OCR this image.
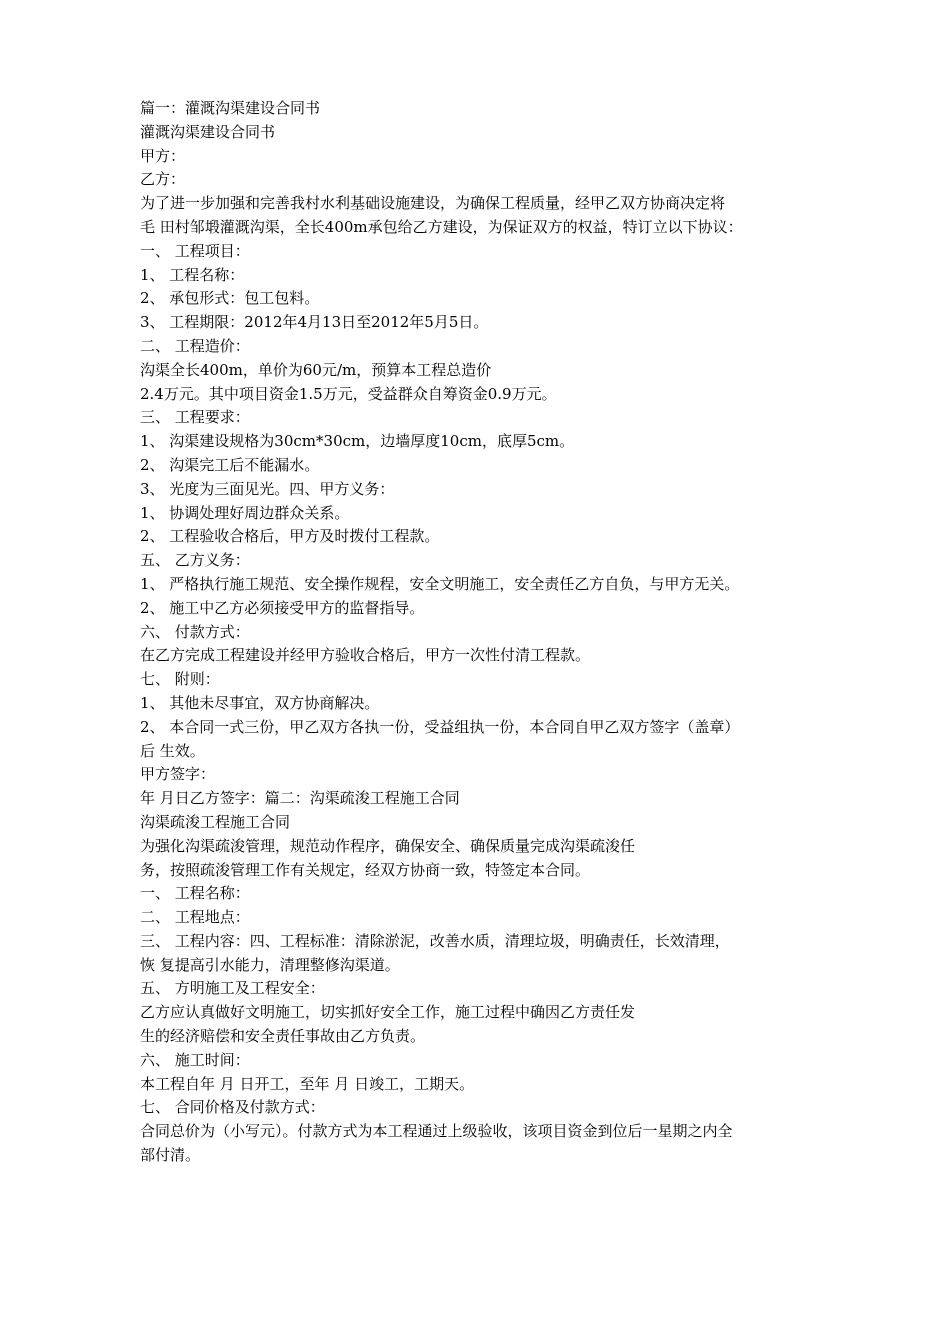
篇一：灌溉沟渠建设合同书
灌溉沟渠建设合同书
甲方：
乙方：
为了进一步加强和完善我村水利基础设施建设，为确保工程质量，经甲乙双方协商决定将
毛 田村邹塅灌溉沟渠，全长400m承包给乙方建设，为保证双方的权益，特订立以下协议：
一、 工程项目：
1、 工程名称：
2、 承包形式：包工包料。
3、 工程期限：2012年4月13日至2012年5月5日。
二、 工程造价：
沟渠全长400m，单价为60元/m，预算本工程总造价
2.4万元。其中项目资金1.5万元，受益群众自筹资金0.9万元。
三、 工程要求：
1、 沟渠建设规格为30cm*30cm，边墙厚度10cm，底厚5cm。
2、 沟渠完工后不能漏水。
3、 光度为三面见光。四、甲方义务：
1、 协调处理好周边群众关系。
2、 工程验收合格后，甲方及时拨付工程款。
五、 乙方义务：
1、 严格执行施工规范、安全操作规程，安全文明施工，安全责任乙方自负，与甲方无关。
2、 施工中乙方必须接受甲方的监督指导。
六、 付款方式：
在乙方完成工程建设并经甲方验收合格后，甲方一次性付清工程款。
七、 附则：
1、 其他未尽事宜，双方协商解决。
2、 本合同一式三份，甲乙双方各执一份，受益组执一份，本合同自甲乙双方签字（盖章）
后 生效。
甲方签字：
年 月日乙方签字：篇二：沟渠疏浚工程施工合同
沟渠疏浚工程施工合同
为强化沟渠疏浚管理，规范动作程序，确保安全、确保质量完成沟渠疏浚任
务，按照疏浚管理工作有关规定，经双方协商一致，特签定本合同。
一、 工程名称：
二、 工程地点：
三、 工程内容：四、工程标准：清除淤泥，改善水质，清理垃圾，明确责任，长效清理，
恢 复提高引水能力，清理整修沟渠道。
五、 方明施工及工程安全：
乙方应认真做好文明施工，切实抓好安全工作，施工过程中确因乙方责任发
生的经济赔偿和安全责任事故由乙方负责。
六、 施工时间：
本工程自年 月 日开工，至年 月 日竣工，工期天。
七、 合同价格及付款方式：
合同总价为（小写元）。付款方式为本工程通过上级验收，该项目资金到位后一星期之内全
部付清。
